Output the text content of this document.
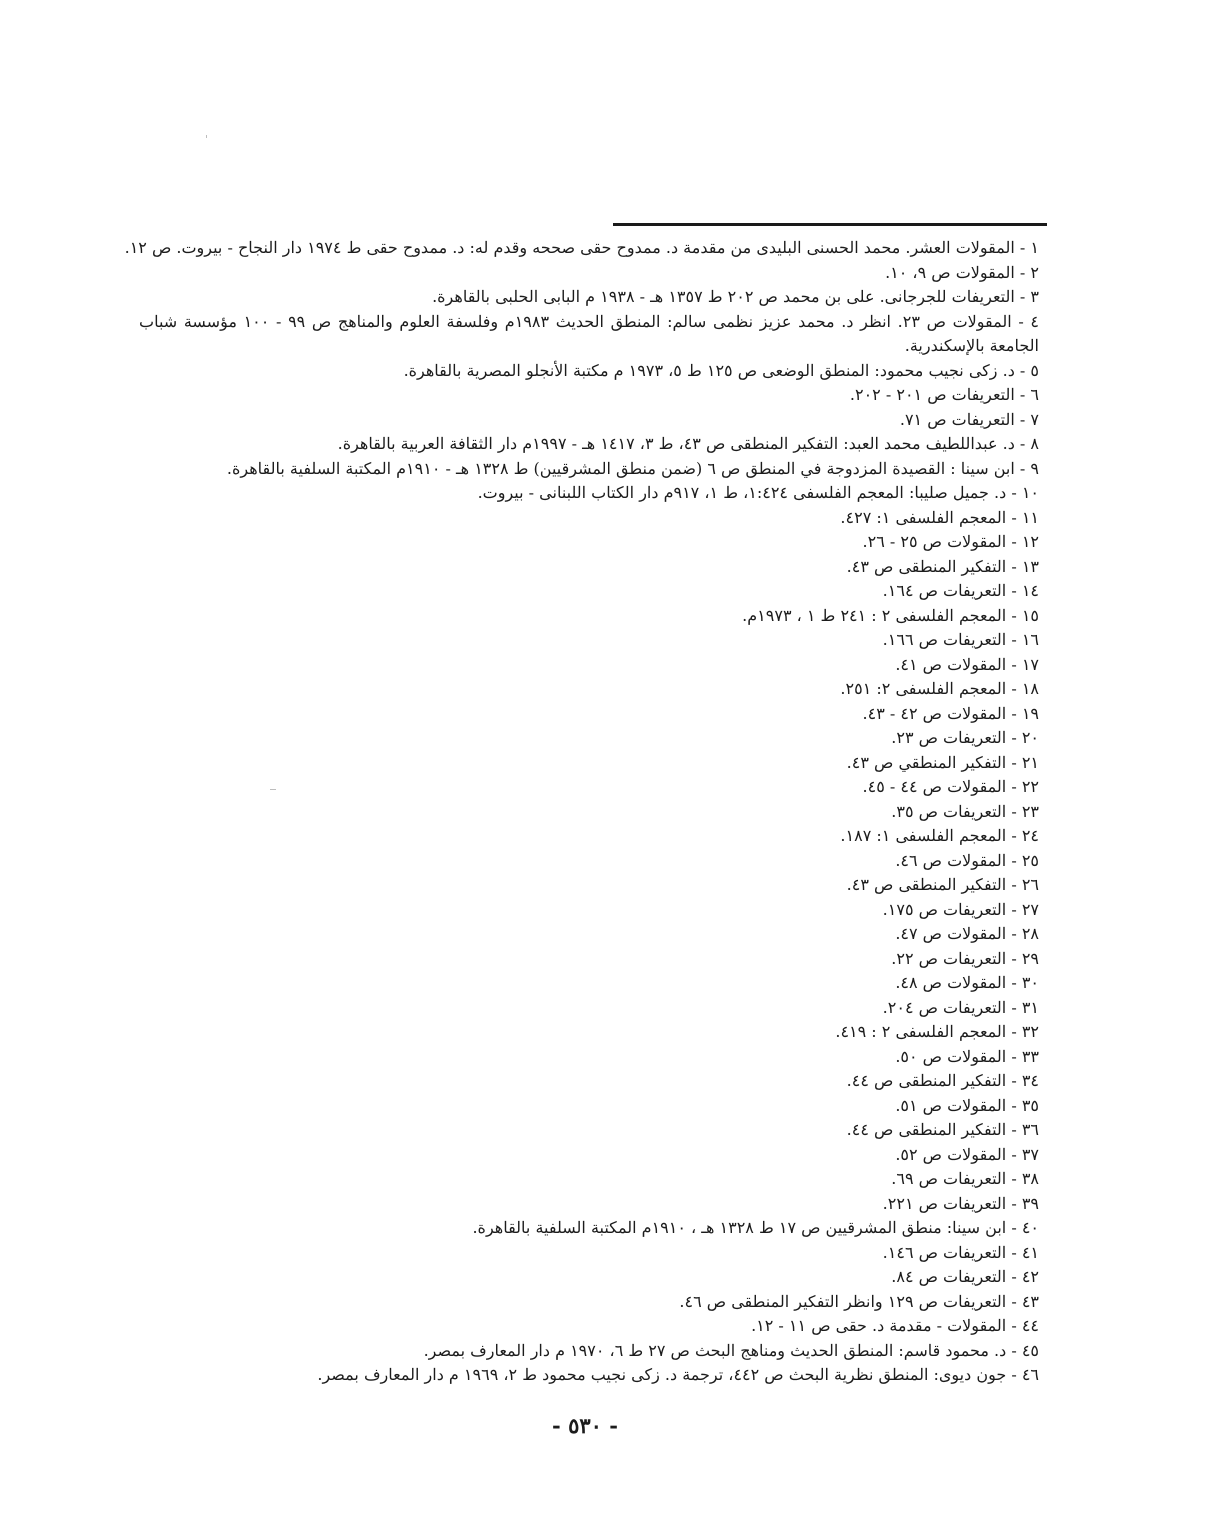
١ - المقولات العشر. محمد الحسنى البليدى من مقدمة د. ممدوح حقى صححه وقدم له: د. ممدوح حقى ط ١٩٧٤ دار النجاح - بيروت. ص ١٢.
٢ - المقولات ص ٩، ١٠.
٣ - التعريفات للجرجانى. على بن محمد ص ٢٠٢ ط ١٣٥٧ هـ - ١٩٣٨ م البابى الحلبى بالقاهرة.
٤ - المقولات ص ٢٣. انظر د. محمد عزيز نظمى سالم: المنطق الحديث ١٩٨٣م وفلسفة العلوم والمناهج ص ٩٩ - ١٠٠ مؤسسة شباب الجامعة بالإسكندرية.
٥ - د. زكى نجيب محمود: المنطق الوضعى ص ١٢٥ ط ٥، ١٩٧٣ م مكتبة الأنجلو المصرية بالقاهرة.
٦ - التعريفات ص ٢٠١ - ٢٠٢.
٧ - التعريفات ص ٧١.
٨ - د. عبداللطيف محمد العبد: التفكير المنطقى ص ٤٣، ط ٣، ١٤١٧ هـ - ١٩٩٧م دار الثقافة العربية بالقاهرة.
٩ - ابن سينا : القصيدة المزدوجة في المنطق ص ٦ (ضمن منطق المشرقيين) ط ١٣٢٨ هـ - ١٩١٠م المكتبة السلفية بالقاهرة.
١٠ - د. جميل صليبا: المعجم الفلسفى ١:٤٢٤، ط ١، ٩١٧م دار الكتاب اللبنانى - بيروت.
١١ - المعجم الفلسفى ١: ٤٢٧.
١٢ - المقولات ص ٢٥ - ٢٦.
١٣ - التفكير المنطقى ص ٤٣.
١٤ - التعريفات ص ١٦٤.
١٥ - المعجم الفلسفى ٢ : ٢٤١ ط ١ ، ١٩٧٣م.
١٦ - التعريفات ص ١٦٦.
١٧ - المقولات ص ٤١.
١٨ - المعجم الفلسفى ٢: ٢٥١.
١٩ - المقولات ص ٤٢ - ٤٣.
٢٠ - التعريفات ص ٢٣.
٢١ - التفكير المنطقي ص ٤٣.
٢٢ - المقولات ص ٤٤ - ٤٥.
٢٣ - التعريفات ص ٣٥.
٢٤ - المعجم الفلسفى ١: ١٨٧.
٢٥ - المقولات ص ٤٦.
٢٦ - التفكير المنطقى ص ٤٣.
٢٧ - التعريفات ص ١٧٥.
٢٨ - المقولات ص ٤٧.
٢٩ - التعريفات ص ٢٢.
٣٠ - المقولات ص ٤٨.
٣١ - التعريفات ص ٢٠٤.
٣٢ - المعجم الفلسفى ٢ : ٤١٩.
٣٣ - المقولات ص ٥٠.
٣٤ - التفكير المنطقى ص ٤٤.
٣٥ - المقولات ص ٥١.
٣٦ - التفكير المنطقى ص ٤٤.
٣٧ - المقولات ص ٥٢.
٣٨ - التعريفات ص ٦٩.
٣٩ - التعريفات ص ٢٢١.
٤٠ - ابن سينا: منطق المشرقيين ص ١٧ ط ١٣٢٨ هـ ، ١٩١٠م المكتبة السلفية بالقاهرة.
٤١ - التعريفات ص ١٤٦.
٤٢ - التعريفات ص ٨٤.
٤٣ - التعريفات ص ١٢٩ وانظر التفكير المنطقى ص ٤٦.
٤٤ - المقولات - مقدمة د. حقى ص ١١ - ١٢.
٤٥ - د. محمود قاسم: المنطق الحديث ومناهج البحث ص ٢٧ ط ٦، ١٩٧٠ م دار المعارف بمصر.
٤٦ - جون ديوى: المنطق نظرية البحث ص ٤٤٢، ترجمة د. زكى نجيب محمود ط ٢، ١٩٦٩ م دار المعارف بمصر.
- ٥٣٠ -
